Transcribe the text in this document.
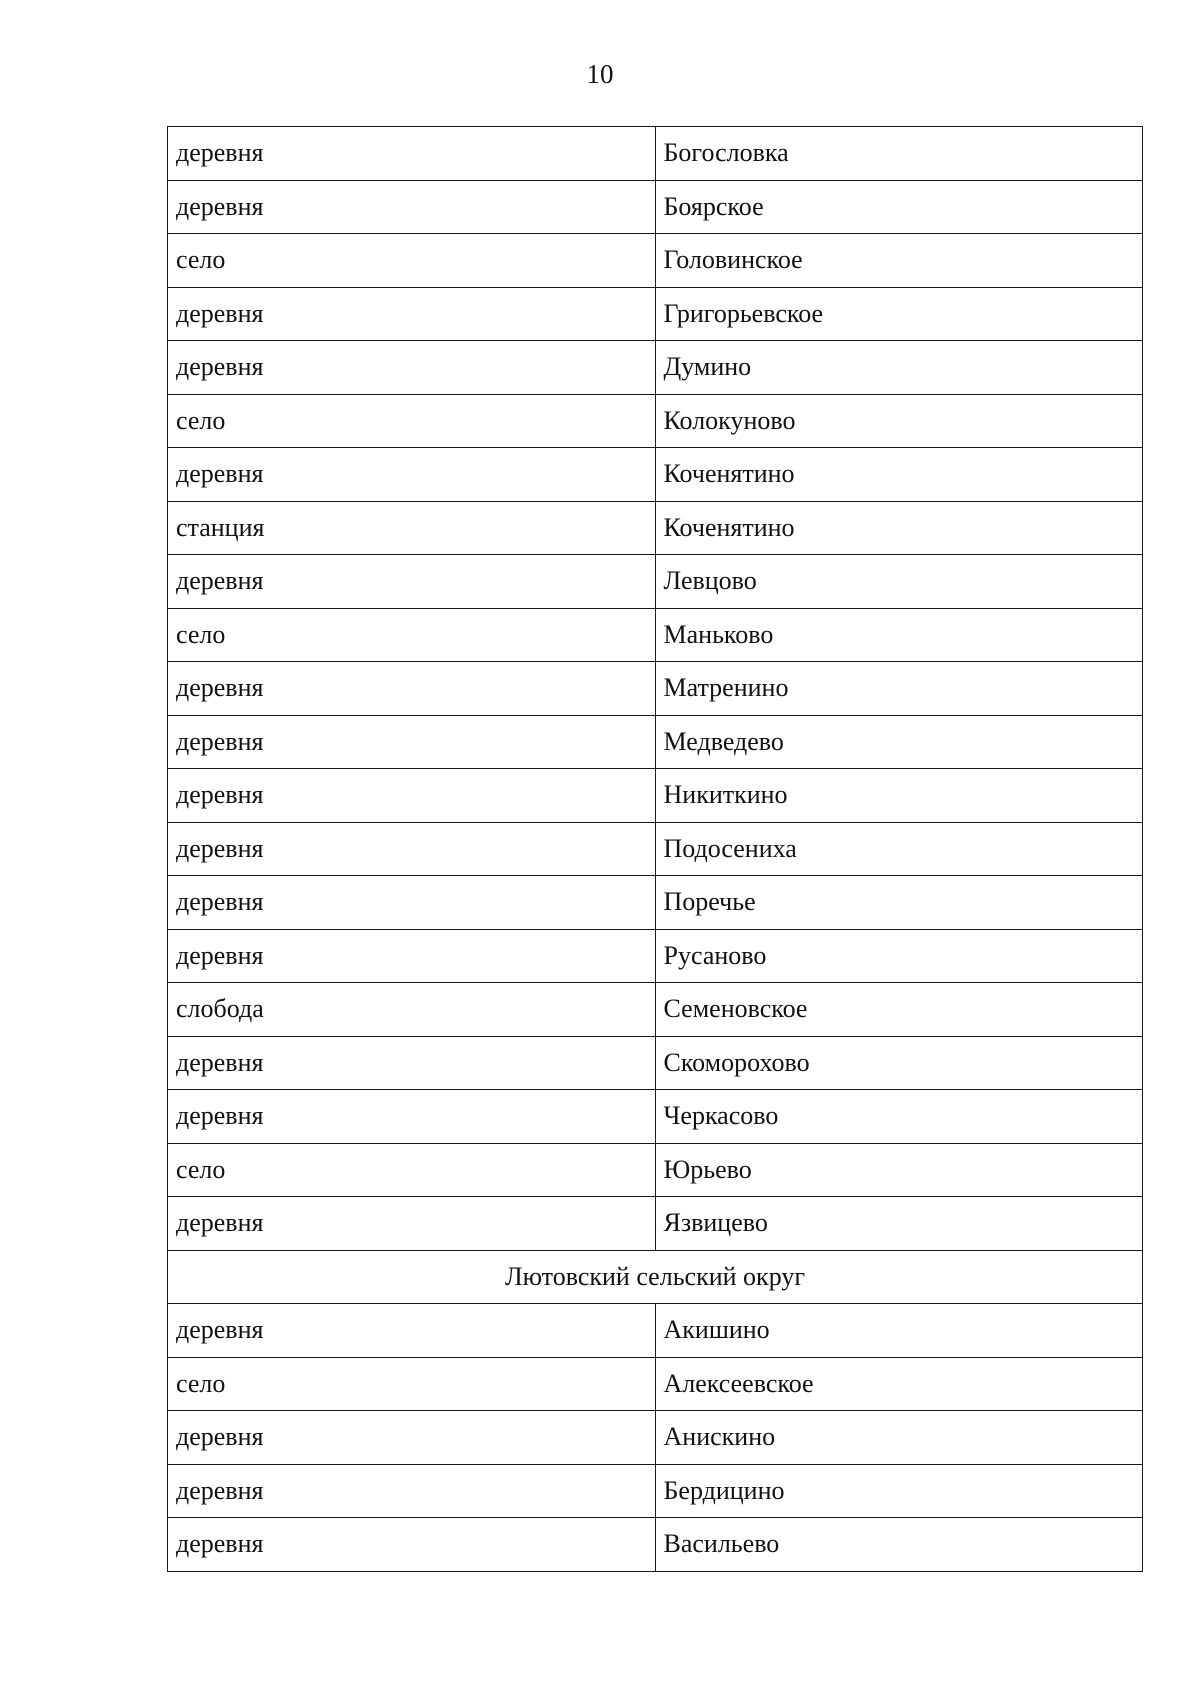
10
деревня	Богословка
деревня	Боярское
село	Головинское
деревня	Григорьевское
деревня	Думино
село	Колокуново
деревня	Коченятино
станция	Коченятино
деревня	Левцово
село	Маньково
деревня	Матренино
деревня	Медведево
деревня	Никиткино
деревня	Подосениха
деревня	Поречье
деревня	Русаново
слобода	Семеновское
деревня	Скоморохово
деревня	Черкасово
село	Юрьево
деревня	Язвицево
Лютовский сельский округ	
деревня	Акишино
село	Алексеевское
деревня	Анискино
деревня	Бердицино
деревня	Васильево
